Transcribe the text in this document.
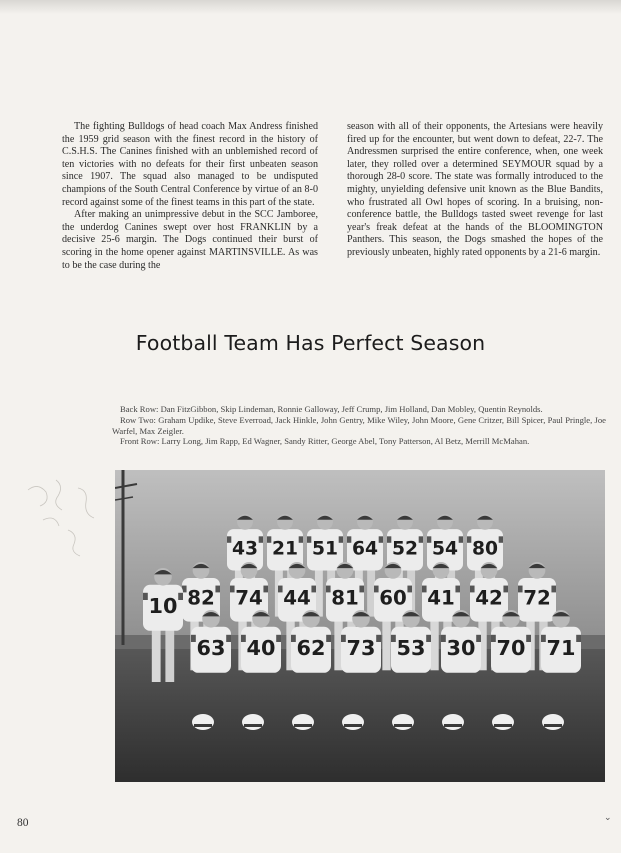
The fighting Bulldogs of head coach Max Andress finished the 1959 grid season with the finest record in the history of C.S.H.S. The Canines finished with an unblemished record of ten victories with no defeats for their first unbeaten season since 1907. The squad also managed to be undisputed champions of the South Central Conference by virtue of an 8-0 record against some of the finest teams in this part of the state.

After making an unimpressive debut in the SCC Jamboree, the underdog Canines swept over host FRANKLIN by a decisive 25-6 margin. The Dogs continued their burst of scoring in the home opener against MARTINSVILLE. As was to be the case during the

season with all of their opponents, the Artesians were heavily fired up for the encounter, but went down to defeat, 22-7. The Andressmen surprised the entire conference, when, one week later, they rolled over a determined SEYMOUR squad by a thorough 28-0 score. The state was formally introduced to the mighty, unyielding defensive unit known as the Blue Bandits, who frustrated all Owl hopes of scoring. In a bruising, non-conference battle, the Bulldogs tasted sweet revenge for last year's freak defeat at the hands of the BLOOMINGTON Panthers. This season, the Dogs smashed the hopes of the previously unbeaten, highly rated opponents by a 21-6 margin.

Football Team Has Perfect Season

Back Row: Dan FitzGibbon, Skip Lindeman, Ronnie Galloway, Jeff Crump, Jim Holland, Dan Mobley, Quentin Reynolds.

Row Two: Graham Updike, Steve Everroad, Jack Hinkle, John Gentry, Mike Wiley, John Moore, Gene Critzer, Bill Spicer, Paul Pringle, Joe Warfel, Max Zeigler.

Front Row: Larry Long, Jim Rapp, Ed Wagner, Sandy Ritter, George Abel, Tony Patterson, Al Betz, Merrill McMahan.

43 21 51 64 52 54 80
82 74 44 81 60 41 42 72
10
63 40 62 73 53 30 70 71
80	⌄
